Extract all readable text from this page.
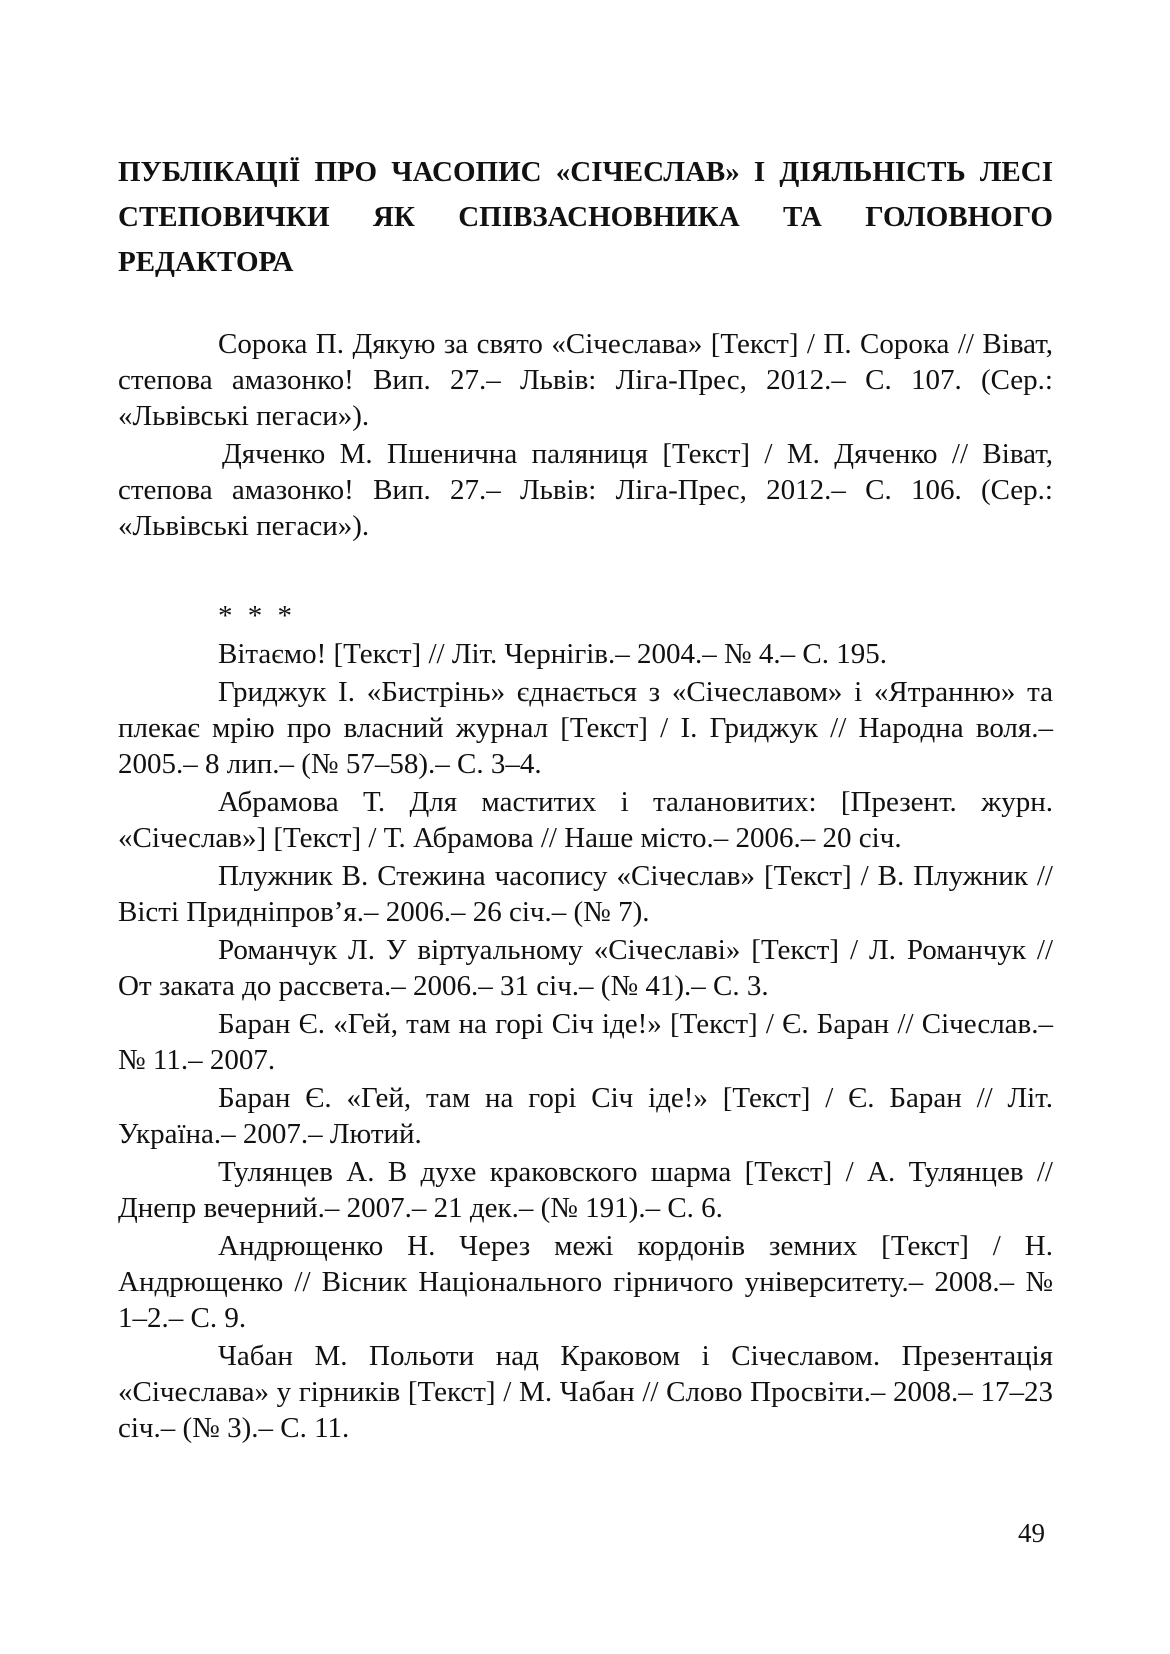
ПУБЛІКАЦІЇ ПРО ЧАСОПИС «СІЧЕСЛАВ» І ДІЯЛЬНІСТЬ ЛЕСІ СТЕПОВИЧКИ ЯК СПІВЗАСНОВНИКА ТА ГОЛОВНОГО РЕДАКТОРА
Сорока П. Дякую за свято «Січеслава» [Текст] / П. Сорока // Віват, степова амазонко! Вип. 27.– Львів: Ліга-Прес, 2012.– С. 107. (Сер.: «Львівські пегаси»).
Дяченко М. Пшенична паляниця [Текст] / М. Дяченко // Віват, степова амазонко! Вип. 27.– Львів: Ліга-Прес, 2012.– С. 106. (Сер.: «Львівські пегаси»).
* * *
Вітаємо! [Текст] // Літ. Чернігів.– 2004.– № 4.– С. 195.
Гриджук І. «Бистрінь» єднається з «Січеславом» і «Ятранню» та плекає мрію про власний журнал [Текст] / І. Гриджук // Народна воля.– 2005.– 8 лип.– (№ 57–58).– С. 3–4.
Абрамова Т. Для маститих і талановитих: [Презент. журн. «Січеслав»] [Текст] / Т. Абрамова // Наше місто.– 2006.– 20 січ.
Плужник В. Стежина часопису «Січеслав» [Текст] / В. Плужник // Вісті Придніпров’я.– 2006.– 26 січ.– (№ 7).
Романчук Л. У віртуальному «Січеславі» [Текст] / Л. Романчук // От заката до рассвета.– 2006.– 31 січ.– (№ 41).– С. 3.
Баран Є. «Гей, там на горі Січ іде!» [Текст] / Є. Баран // Січеслав.– № 11.– 2007.
Баран Є. «Гей, там на горі Січ іде!» [Текст] / Є. Баран // Літ. Україна.– 2007.– Лютий.
Тулянцев А. В духе краковского шарма [Текст] / А. Тулянцев // Днепр вечерний.– 2007.– 21 дек.– (№ 191).– С. 6.
Андрющенко Н. Через межі кордонів земних [Текст] / Н. Андрющенко // Вісник Національного гірничого університету.– 2008.– № 1–2.– С. 9.
Чабан М. Польоти над Краковом і Січеславом. Презентація «Січеслава» у гірників [Текст] / М. Чабан // Слово Просвіти.– 2008.– 17–23 січ.– (№ 3).– С. 11.
49
